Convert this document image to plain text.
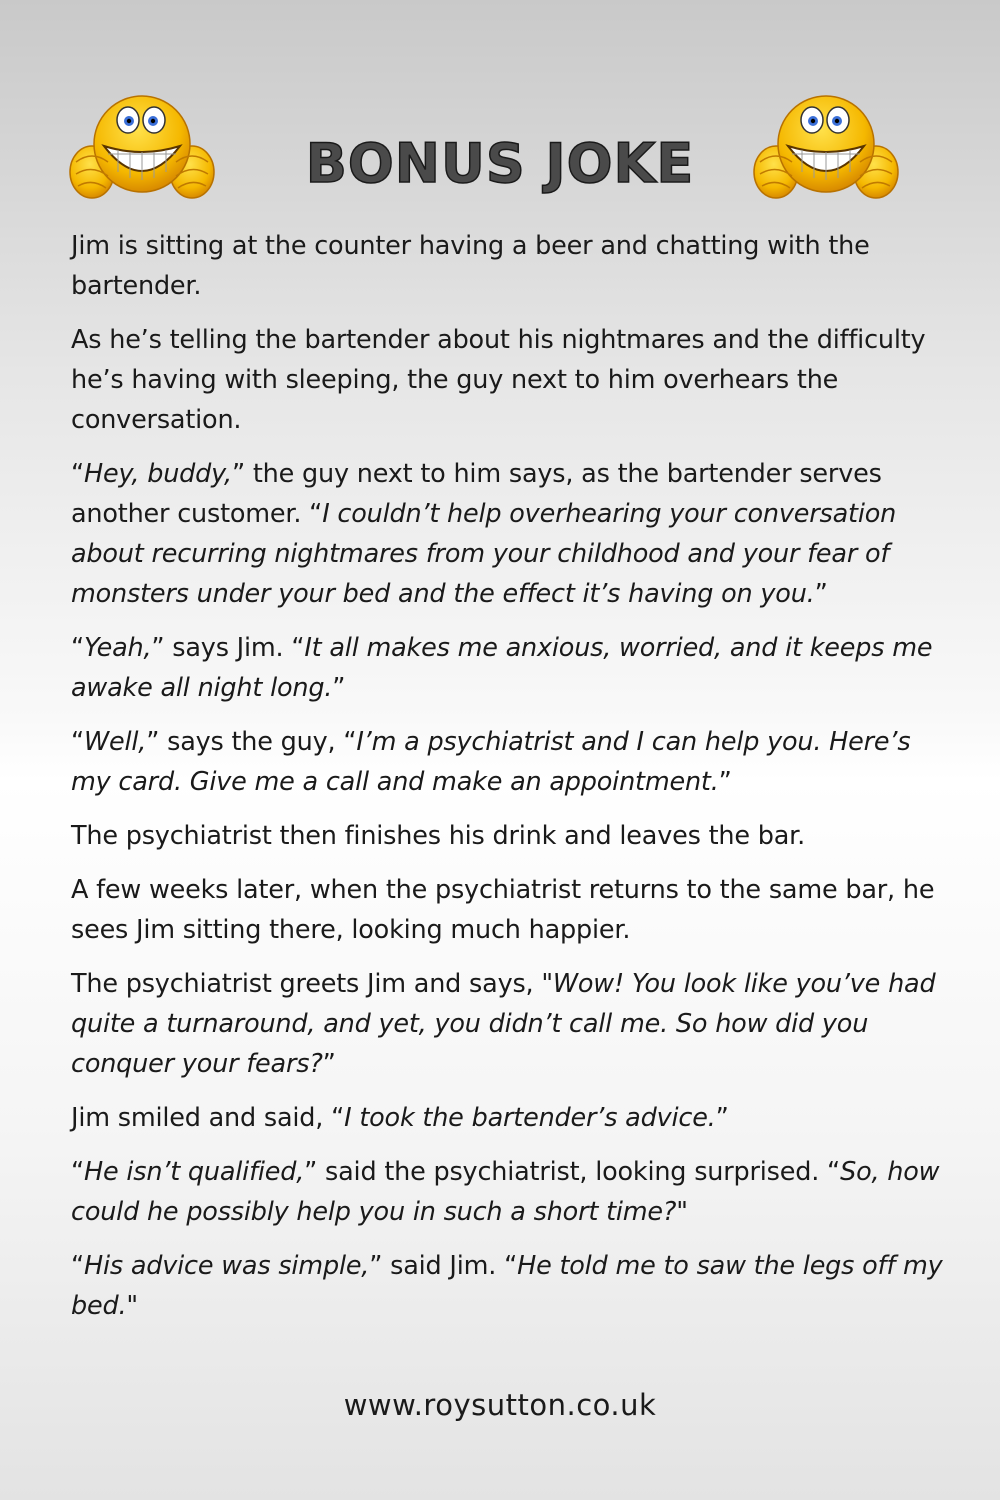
BONUS JOKE

Jim is sitting at the counter having a beer and chatting with the bartender.

As he’s telling the bartender about his nightmares and the difficulty he’s having with sleeping, the guy next to him overhears the conversation.

“Hey, buddy,” the guy next to him says, as the bartender serves another customer. “I couldn’t help overhearing your conversation about recurring nightmares from your childhood and your fear of monsters under your bed and the effect it’s having on you.”

“Yeah,” says Jim. “It all makes me anxious, worried, and it keeps me awake all night long.”

“Well,” says the guy, “I’m a psychiatrist and I can help you. Here’s my card. Give me a call and make an appointment.”

The psychiatrist then finishes his drink and leaves the bar.

A few weeks later, when the psychiatrist returns to the same bar, he sees Jim sitting there, looking much happier.

The psychiatrist greets Jim and says, "Wow! You look like you’ve had quite a turnaround, and yet, you didn’t call me. So how did you conquer your fears?”

Jim smiled and said, “I took the bartender’s advice.”

“He isn’t qualified,” said the psychiatrist, looking surprised. “So, how could he possibly help you in such a short time?"

“His advice was simple,” said Jim. “He told me to saw the legs off my bed."

www.roysutton.co.uk
